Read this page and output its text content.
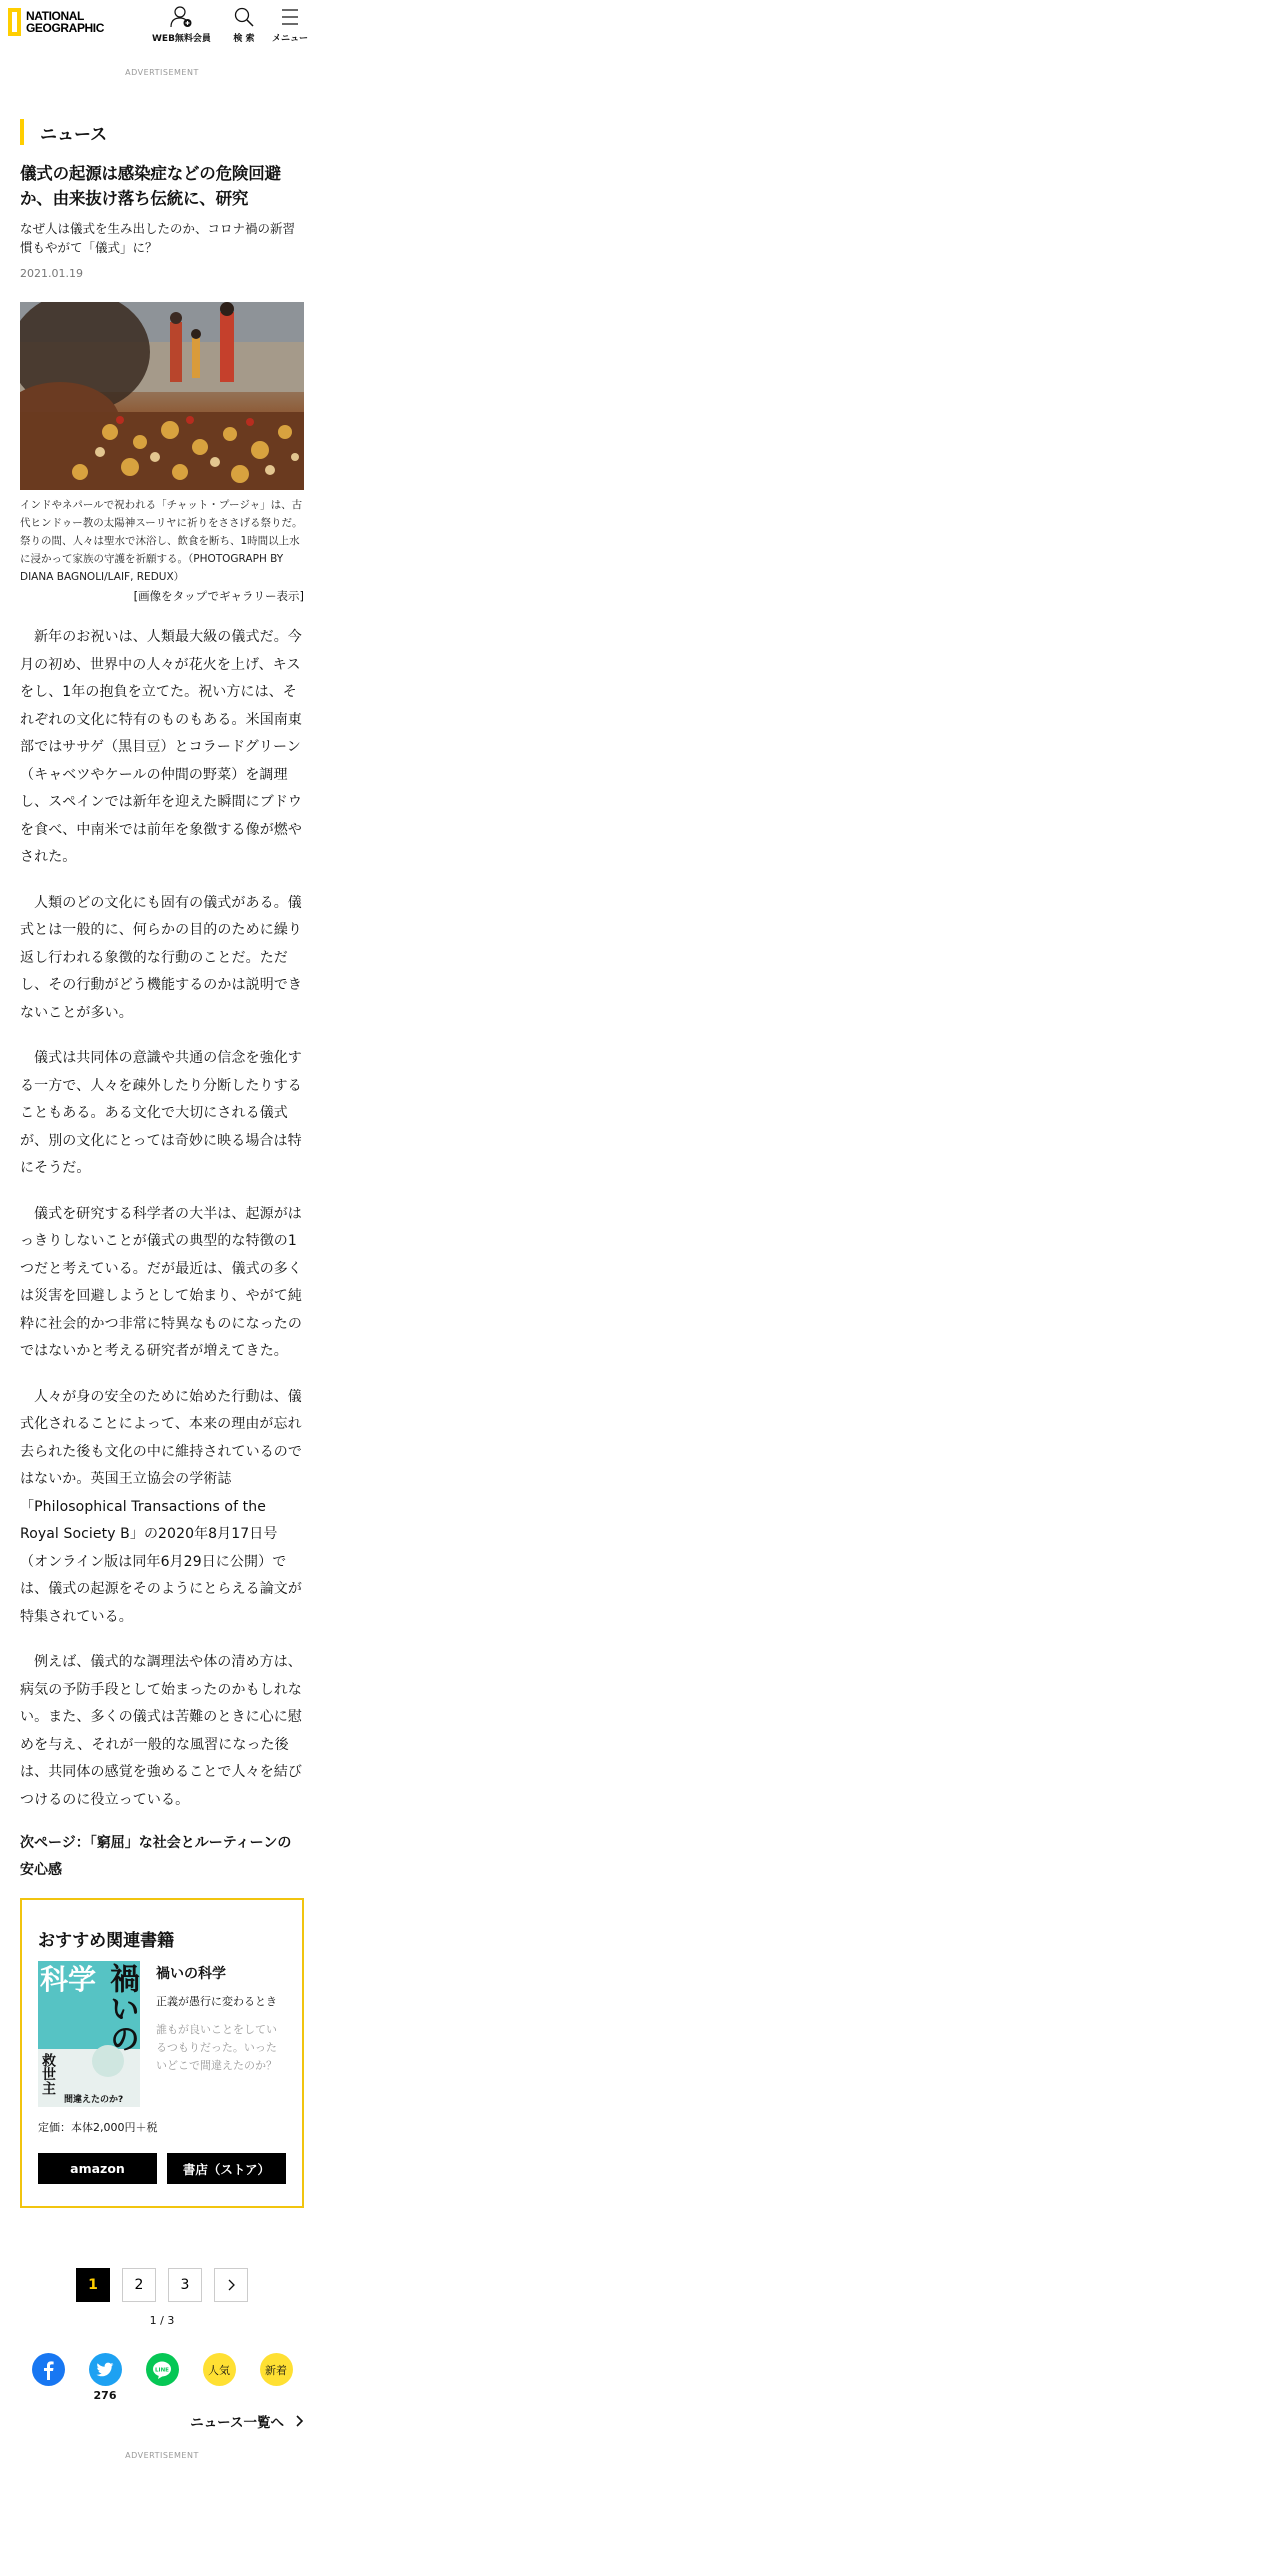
NATIONAL
GEOGRAPHIC
WEB無料会員 検 索 メニュー
ADVERTISEMENT
ニュース
儀式の起源は感染症などの危険回避か、由来抜け落ち伝統に、研究
なぜ人は儀式を生み出したのか、コロナ禍の新習慣もやがて「儀式」に？
2021.01.19
インドやネパールで祝われる「チャット・プージャ」は、古代ヒンドゥー教の太陽神スーリヤに祈りをささげる祭りだ。祭りの間、人々は聖水で沐浴し、飲食を断ち、1時間以上水に浸かって家族の守護を祈願する。（PHOTOGRAPH BY DIANA BAGNOLI/LAIF, REDUX）
[画像をタップでギャラリー表示]

新年のお祝いは、人類最大級の儀式だ。今月の初め、世界中の人々が花火を上げ、キスをし、1年の抱負を立てた。祝い方には、それぞれの文化に特有のものもある。米国南東部ではササゲ（黒目豆）とコラードグリーン（キャベツやケールの仲間の野菜）を調理し、スペインでは新年を迎えた瞬間にブドウを食べ、中南米では前年を象徴する像が燃やされた。

人類のどの文化にも固有の儀式がある。儀式とは一般的に、何らかの目的のために繰り返し行われる象徴的な行動のことだ。ただし、その行動がどう機能するのかは説明できないことが多い。

儀式は共同体の意識や共通の信念を強化する一方で、人々を疎外したり分断したりすることもある。ある文化で大切にされる儀式が、別の文化にとっては奇妙に映る場合は特にそうだ。

儀式を研究する科学者の大半は、起源がはっきりしないことが儀式の典型的な特徴の1つだと考えている。だが最近は、儀式の多くは災害を回避しようとして始まり、やがて純粋に社会的かつ非常に特異なものになったのではないかと考える研究者が増えてきた。

人々が身の安全のために始めた行動は、儀式化されることによって、本来の理由が忘れ去られた後も文化の中に維持されているのではないか。英国王立協会の学術誌「Philosophical Transactions of the Royal Society B」の2020年8月17日号（オンライン版は同年6月29日に公開）では、儀式の起源をそのようにとらえる論文が特集されている。

例えば、儀式的な調理法や体の清め方は、病気の予防手段として始まったのかもしれない。また、多くの儀式は苦難のときに心に慰めを与え、それが一般的な風習になった後は、共同体の感覚を強めることで人々を結びつけるのに役立っている。

次ページ：「窮屈」な社会とルーティーンの安心感
おすすめ関連書籍
禍いの
科学
救世主
間違えたのか?
禍いの科学
正義が愚行に変わるとき
誰もが良いことをしているつもりだった。いったいどこで間違えたのか？
定価：本体2,000円＋税
amazon	書店（ストア）
1	2	3
1 / 3
276
LINE	人気	新着
ニュース一覧へ
ADVERTISEMENT
